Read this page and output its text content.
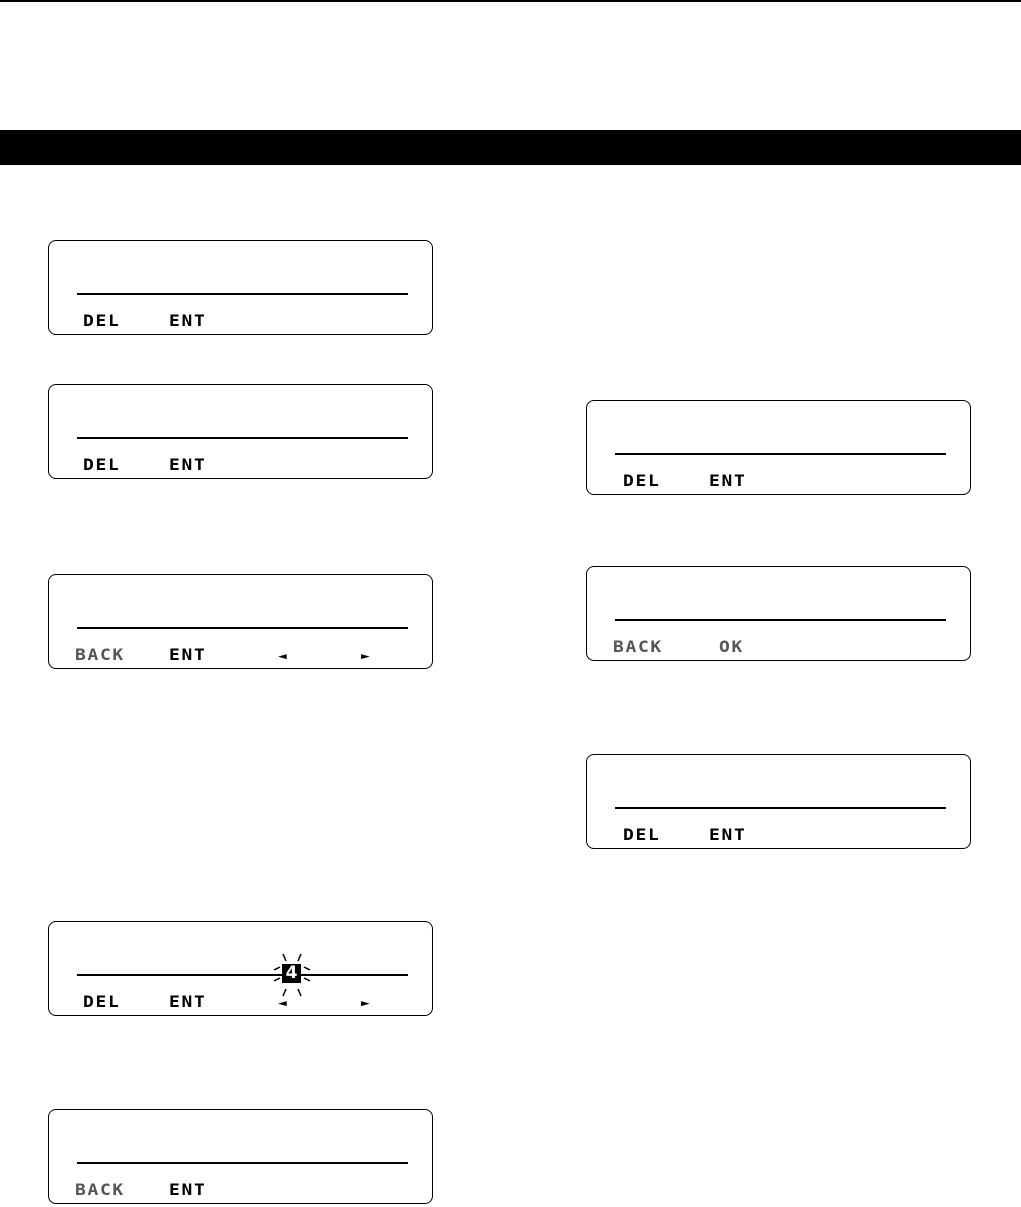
DEL	ENT
DEL	ENT
BACK	ENT	◄	►
4
DEL	ENT	◄	►
BACK	ENT
DEL	ENT
BACK	OK
DEL	ENT
